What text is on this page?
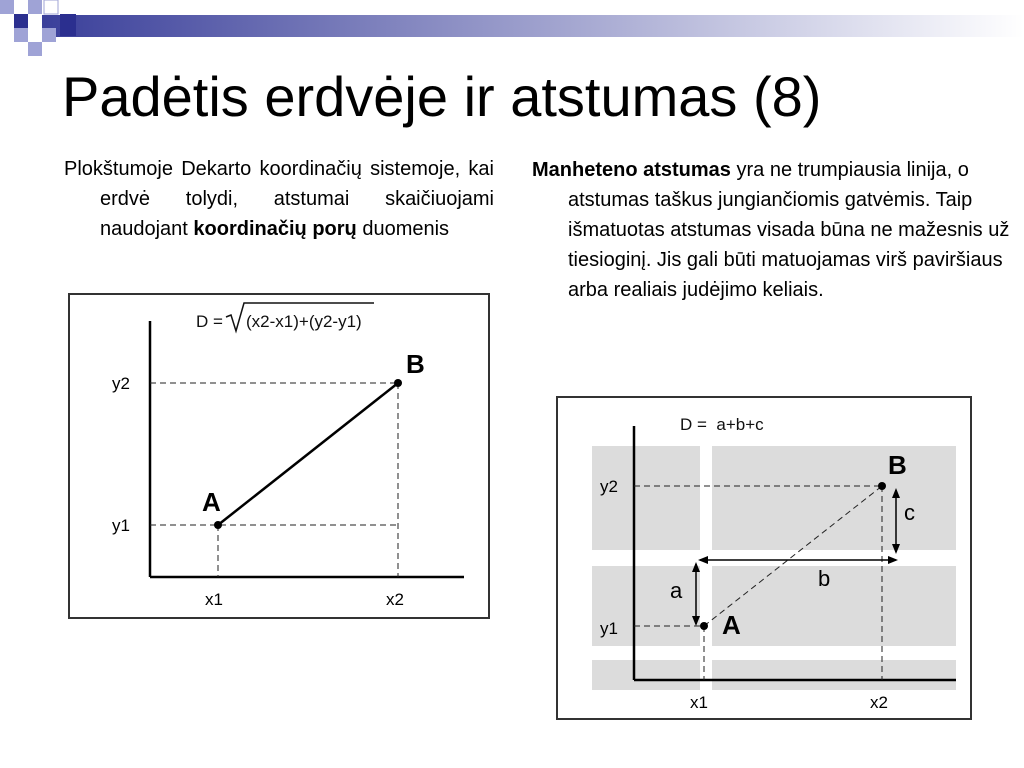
Padėtis erdvėje ir atstumas (8)

Plokštumoje Dekarto koordinačių sistemoje, kai erdvė tolydi, atstumai skaičiuojami naudojant koordinačių porų duomenis

Manheteno atstumas yra ne trumpiausia linija, o atstumas taškus jungiančiomis gatvėmis. Taip išmatuotas atstumas visada būna ne mažesnis už tiesioginį. Jis gali būti matuojamas virš paviršiaus arba realiais judėjimo keliais.

D = (x2-x1)+(y2-y1)
A
B
y2
y1
x1	x2
D =  a+b+c
A
B
a	b
c
y2
y1
x1	x2
